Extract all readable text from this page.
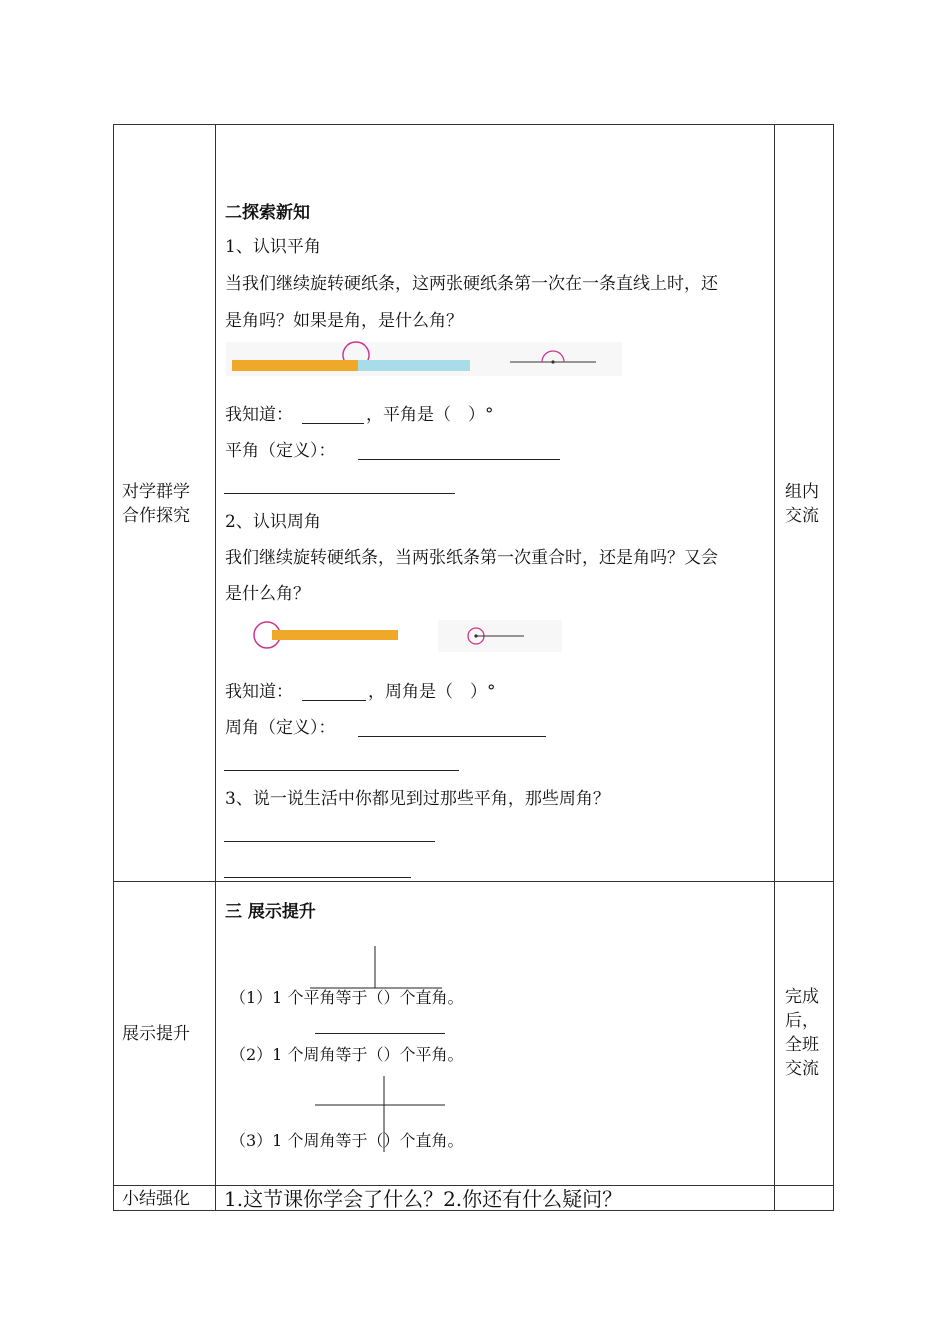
对学群学
合作探究
组内
交流
二探索新知
1、认识平角
当我们继续旋转硬纸条，这两张硬纸条第一次在一条直线上时，还
是角吗？如果是角，是什么角？
我知道：	，平角是（　）°
平角（定义）：
2、认识周角
我们继续旋转硬纸条，当两张纸条第一次重合时，还是角吗？又会
是什么角？
我知道：	，周角是（　）°
周角（定义）：
3、说一说生活中你都见到过那些平角，那些周角？
展示提升
完成
后，
全班
交流
三 展示提升
（1）1 个平角等于（）个直角。
（2）1 个周角等于（）个平角。
（3）1 个周角等于（）个直角。
小结强化 1.这节课你学会了什么？2.你还有什么疑问？
